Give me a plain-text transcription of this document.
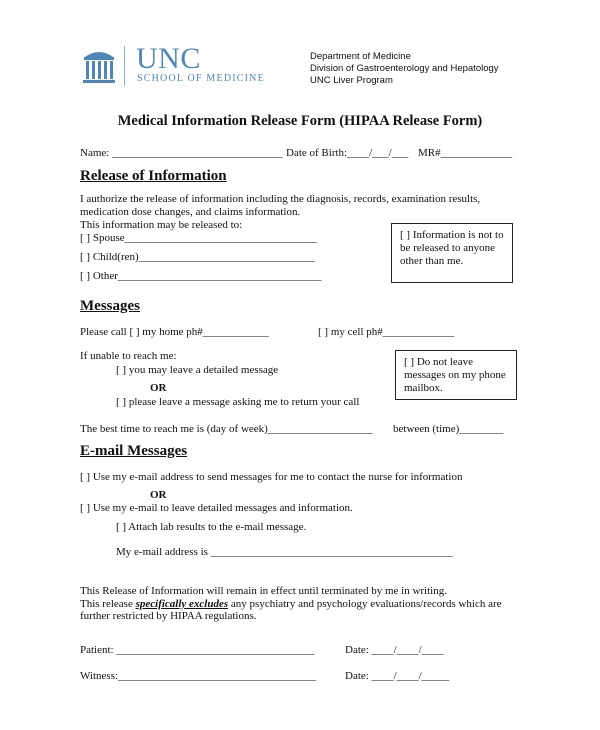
UNC
SCHOOL OF MEDICINE
Department of Medicine
Division of Gastroenterology and Hepatology
UNC Liver Program
Medical Information Release Form (HIPAA Release Form)
Name: _______________________________ Date of Birth:____/___/___ MR#_____________
Release of Information
I authorize the release of information including the diagnosis, records, examination results,
medication dose changes, and claims information.
This information may be released to:
[ ] Spouse___________________________________
[ ] Child(ren)________________________________
[ ] Other_____________________________________
[ ] Information is not to be released to anyone other than me.
Messages
Please call [ ] my home ph#____________	[ ] my cell ph#_____________
If unable to reach me:
[ ] you may leave a detailed message
OR
[ ] please leave a message asking me to return your call
[ ] Do not leave messages on my phone mailbox.
The best time to reach me is (day of week)___________________ between (time)________
E-mail Messages
[ ] Use my e-mail address to send messages for me to contact the nurse for information
OR
[ ] Use my e-mail to leave detailed messages and information.
[ ] Attach lab results to the e-mail message.
My e-mail address is ____________________________________________
This Release of Information will remain in effect until terminated by me in writing.
This release specifically excludes any psychiatry and psychology evaluations/records which are
further restricted by HIPAA regulations.
Patient: ____________________________________	Date: ____/____/____
Witness:____________________________________	Date: ____/____/_____
